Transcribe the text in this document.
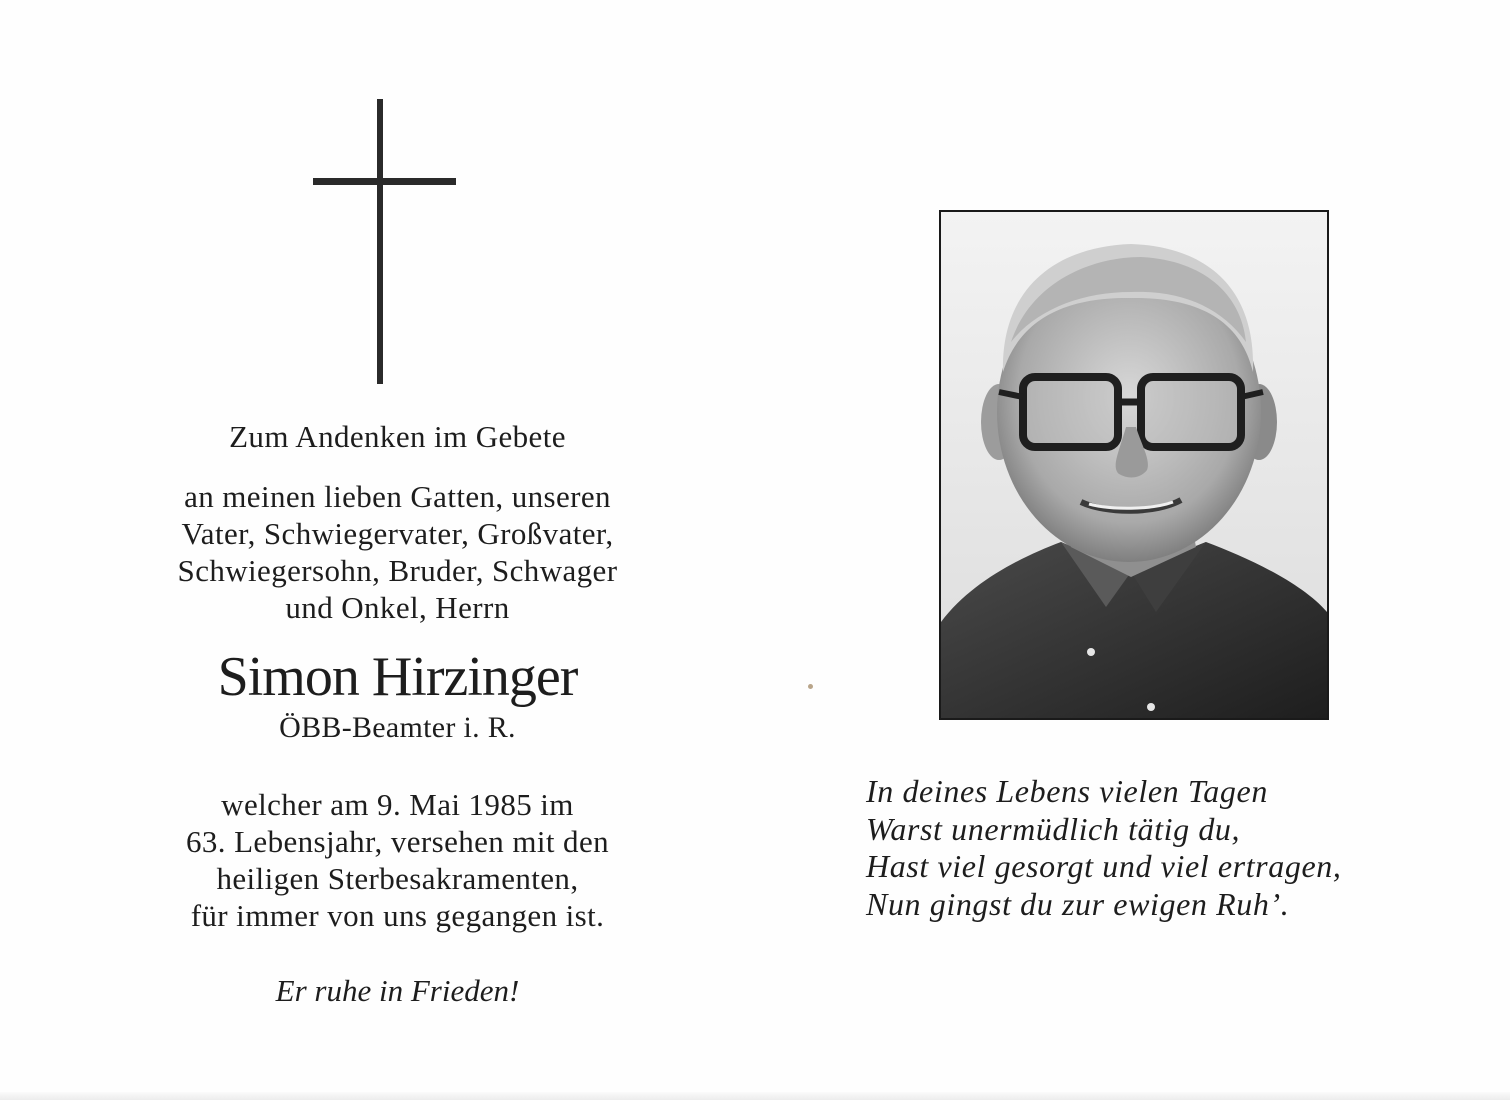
Zum Andenken im Gebete
an meinen lieben Gatten, unseren
Vater, Schwiegervater, Großvater,
Schwiegersohn, Bruder, Schwager
und Onkel, Herrn
Simon Hirzinger
ÖBB-Beamter i. R.
welcher am 9. Mai 1985 im
63. Lebensjahr, versehen mit den
heiligen Sterbesakramenten,
für immer von uns gegangen ist.
Er ruhe in Frieden!
In deines Lebens vielen Tagen
Warst unermüdlich tätig du,
Hast viel gesorgt und viel ertragen,
Nun gingst du zur ewigen Ruh’.
